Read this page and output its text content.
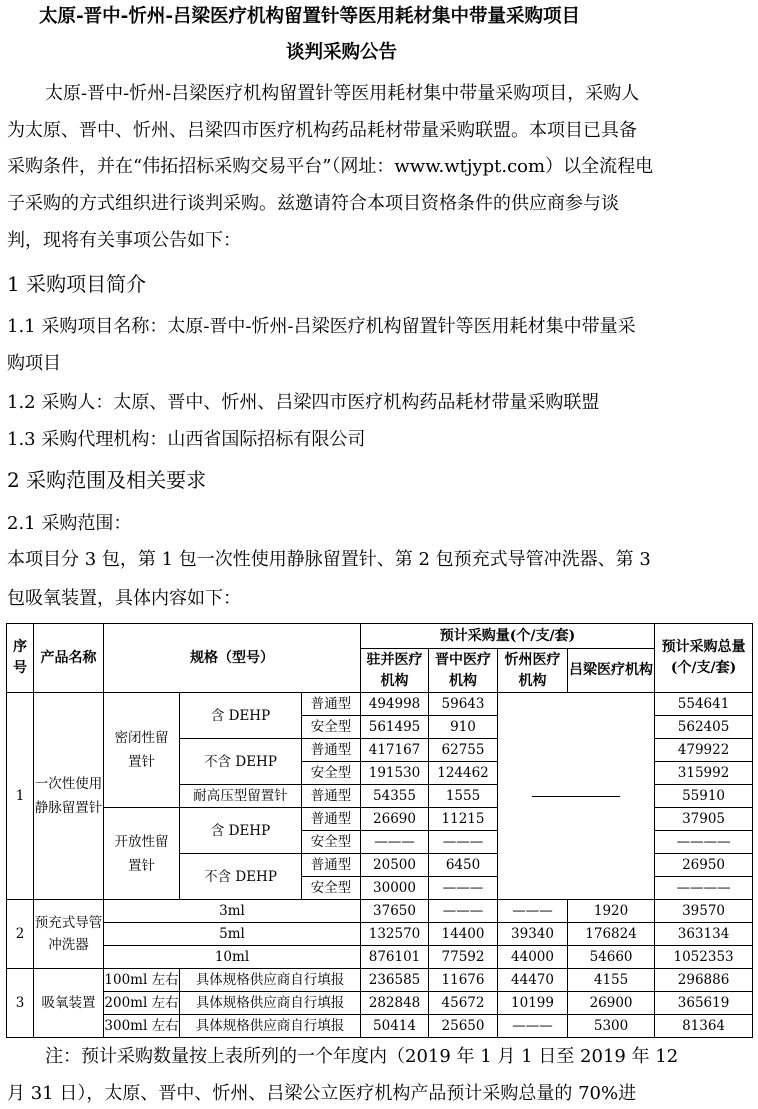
太原-晋中-忻州-吕梁医疗机构留置针等医用耗材集中带量采购项目
谈判采购公告
太原-晋中-忻州-吕梁医疗机构留置针等医用耗材集中带量采购项目，采购人
为太原、晋中、忻州、吕梁四市医疗机构药品耗材带量采购联盟。本项目已具备
采购条件，并在“伟拓招标采购交易平台”（网址：www.wtjypt.com）以全流程电
子采购的方式组织进行谈判采购。兹邀请符合本项目资格条件的供应商参与谈
判，现将有关事项公告如下：
1 采购项目简介
1.1 采购项目名称：太原-晋中-忻州-吕梁医疗机构留置针等医用耗材集中带量采
购项目
1.2 采购人：太原、晋中、忻州、吕梁四市医疗机构药品耗材带量采购联盟
1.3 采购代理机构：山西省国际招标有限公司
2 采购范围及相关要求
2.1 采购范围：
本项目分 3 包，第 1 包一次性使用静脉留置针、第 2 包预充式导管冲洗器、第 3
包吸氧装置，具体内容如下：
序号	产品名称	规格（型号）			预计采购量(个/支/套)				预计采购总量(个/支/套)
					驻并医疗机构	晋中医疗机构	忻州医疗机构	吕梁医疗机构	
1	一次性使用静脉留置针	密闭性留置针	含 DEHP	普通型	494998	59643			554641
				安全型	561495	910			562405
			不含 DEHP	普通型	417167	62755			479922
				安全型	191530	124462			315992
			耐高压型留置针	普通型	54355	1555			55910
		开放性留置针	含 DEHP	普通型	26690	11215			37905
				安全型	———	———			————
			不含 DEHP	普通型	20500	6450			26950
				安全型	30000	———			————
2	预充式导管冲洗器	3ml			37650	———	———	1920	39570
		5ml			132570	14400	39340	176824	363134
		10ml			876101	77592	44000	54660	1052353
3	吸氧装置	100ml 左右	具体规格供应商自行填报		236585	11676	44470	4155	296886
		200ml 左右	具体规格供应商自行填报		282848	45672	10199	26900	365619
		300ml 左右	具体规格供应商自行填报		50414	25650	———	5300	81364
注：预计采购数量按上表所列的一个年度内（2019 年 1 月 1 日至 2019 年 12
月 31 日），太原、晋中、忻州、吕梁公立医疗机构产品预计采购总量的 70%进
